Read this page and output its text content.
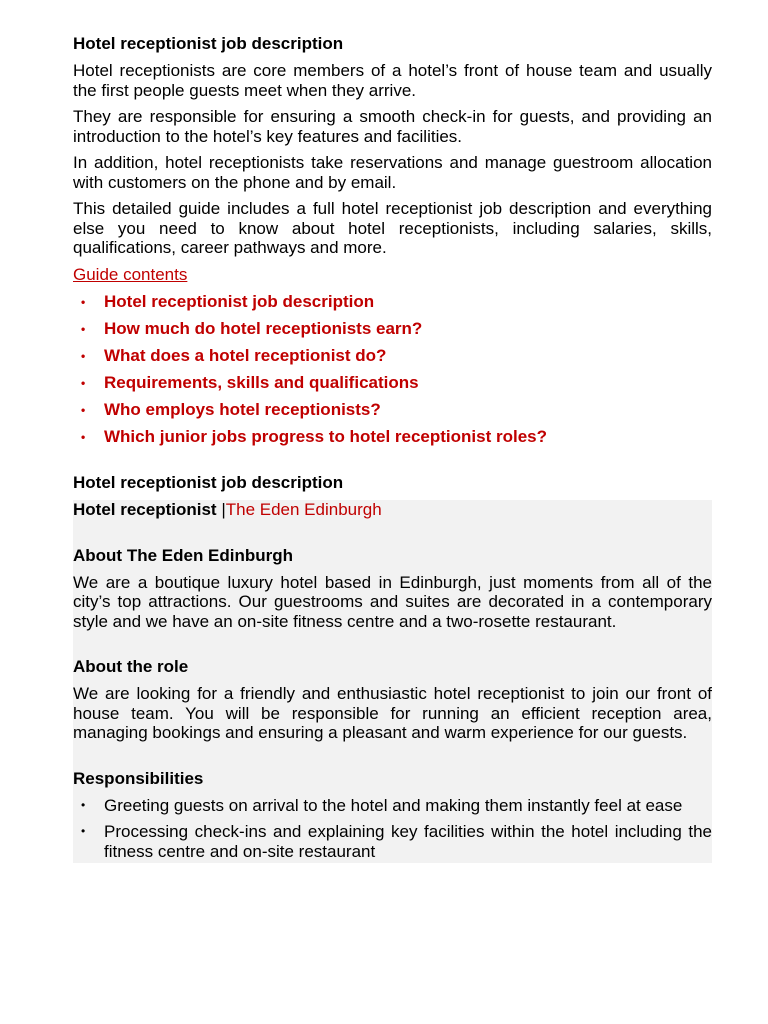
Hotel receptionist job description
Hotel receptionists are core members of a hotel’s front of house team and usually the first people guests meet when they arrive.
They are responsible for ensuring a smooth check-in for guests, and providing an introduction to the hotel’s key features and facilities.
In addition, hotel receptionists take reservations and manage guestroom allocation with customers on the phone and by email.
This detailed guide includes a full hotel receptionist job description and everything else you need to know about hotel receptionists, including salaries, skills, qualifications, career pathways and more.
Guide contents
• Hotel receptionist job description
• How much do hotel receptionists earn?
• What does a hotel receptionist do?
• Requirements, skills and qualifications
• Who employs hotel receptionists?
• Which junior jobs progress to hotel receptionist roles?
Hotel receptionist job description
Hotel receptionist |The Eden Edinburgh
About The Eden Edinburgh
We are a boutique luxury hotel based in Edinburgh, just moments from all of the city’s top attractions. Our guestrooms and suites are decorated in a contemporary style and we have an on-site fitness centre and a two-rosette restaurant.
About the role
We are looking for a friendly and enthusiastic hotel receptionist to join our front of house team. You will be responsible for running an efficient reception area, managing bookings and ensuring a pleasant and warm experience for our guests.
Responsibilities
• Greeting guests on arrival to the hotel and making them instantly feel at ease
• Processing check-ins and explaining key facilities within the hotel including the fitness centre and on-site restaurant
